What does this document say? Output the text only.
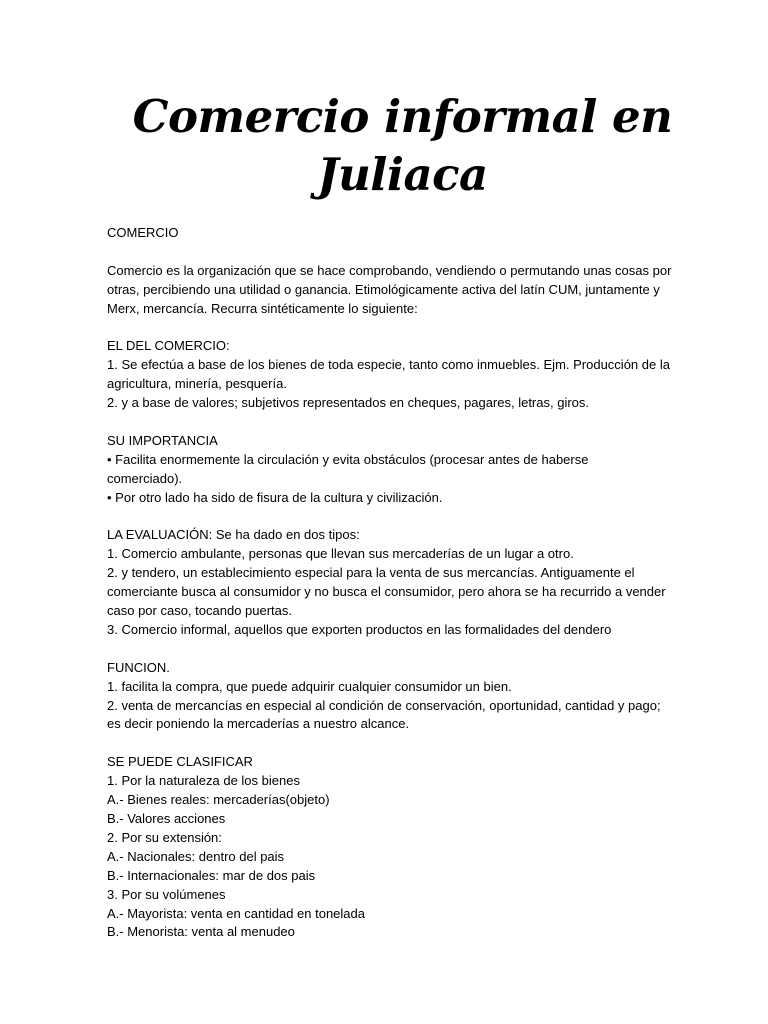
Comercio informal en
Juliaca
COMERCIO
Comercio es la organización que se hace comprobando, vendiendo o permutando unas cosas por
otras, percibiendo una utilidad o ganancia. Etimológicamente activa del latín CUM, juntamente y
Merx, mercancía. Recurra sintéticamente lo siguiente:
EL DEL COMERCIO:
1. Se efectúa a base de los bienes de toda especie, tanto como inmuebles. Ejm. Producción de la
agricultura, minería, pesquería.
2. y a base de valores; subjetivos representados en cheques, pagares, letras, giros.
SU IMPORTANCIA
• Facilita enormemente la circulación y evita obstáculos (procesar antes de haberse
comerciado).
• Por otro lado ha sido de fisura de la cultura y civilización.
LA EVALUACIÓN: Se ha dado en dos tipos:
1. Comercio ambulante, personas que llevan sus mercaderías de un lugar a otro.
2. y tendero, un establecimiento especial para la venta de sus mercancías. Antiguamente el
comerciante busca al consumidor y no busca el consumidor, pero ahora se ha recurrido a vender
caso por caso, tocando puertas.
3. Comercio informal, aquellos que exporten productos en las formalidades del dendero
FUNCION.
1. facilita la compra, que puede adquirir cualquier consumidor un bien.
2. venta de mercancías en especial al condición de conservación, oportunidad, cantidad y pago;
es decir poniendo la mercaderías a nuestro alcance.
SE PUEDE CLASIFICAR
1. Por la naturaleza de los bienes
A.- Bienes reales: mercaderías(objeto)
B.- Valores acciones
2. Por su extensión:
A.- Nacionales: dentro del pais
B.- Internacionales: mar de dos pais
3. Por su volúmenes
A.- Mayorista: venta en cantidad en tonelada
B.- Menorista: venta al menudeo
